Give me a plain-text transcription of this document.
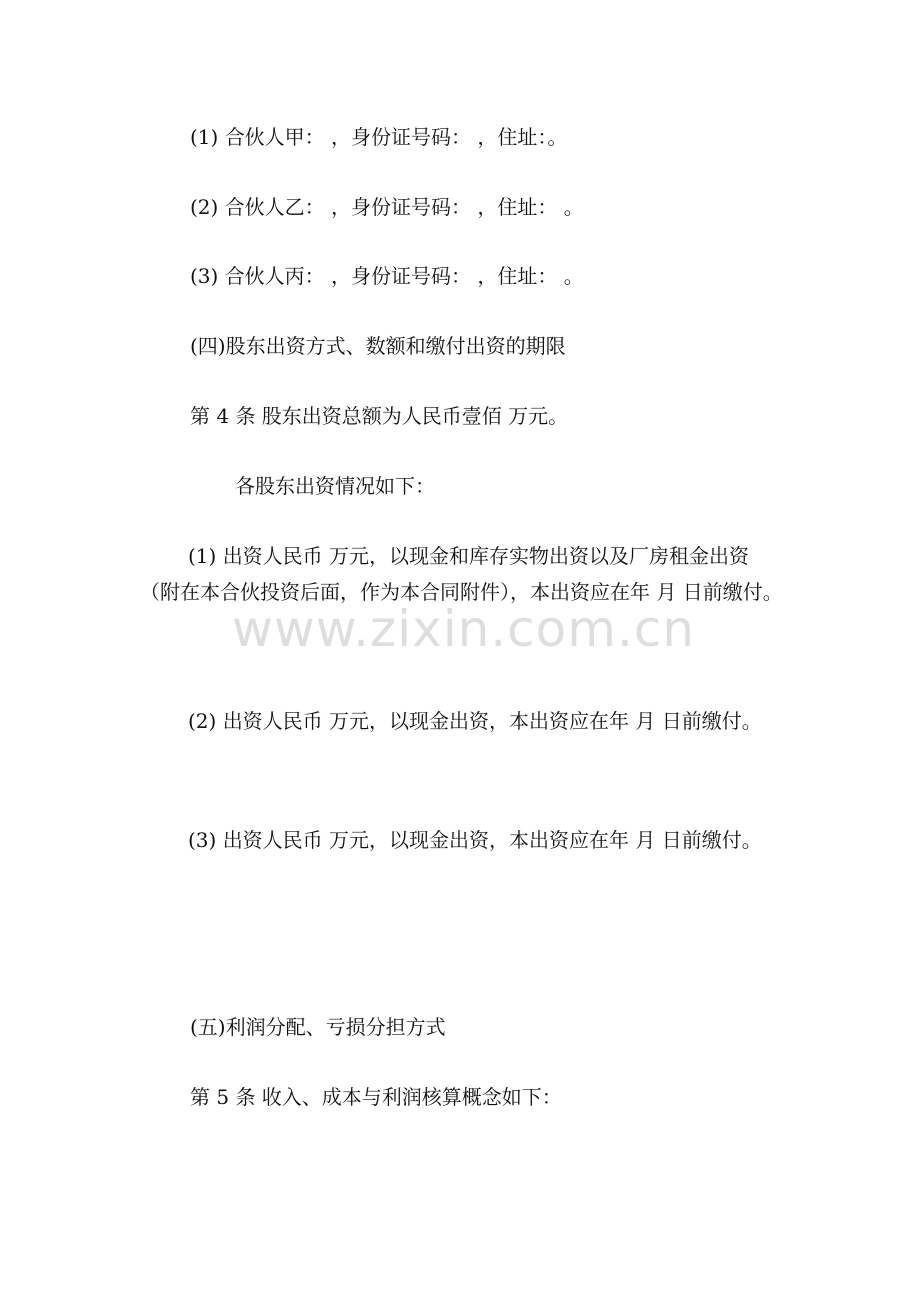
(1) 合伙人甲： ，身份证号码： ，住址：。
(2) 合伙人乙： ，身份证号码： ，住址： 。
(3) 合伙人丙： ，身份证号码： ，住址： 。
(四)股东出资方式、数额和缴付出资的期限
第 4 条 股东出资总额为人民币壹佰 万元。
各股东出资情况如下：
(1) 出资人民币 万元，以现金和库存实物出资以及厂房租金出资（附在本合伙投资后面，作为本合同附件），本出资应在年 月 日前缴付。
(2) 出资人民币 万元，以现金出资，本出资应在年 月 日前缴付。
(3) 出资人民币 万元，以现金出资，本出资应在年 月 日前缴付。
(五)利润分配、亏损分担方式
第 5 条 收入、成本与利润核算概念如下：
www.zixin.com.cn
